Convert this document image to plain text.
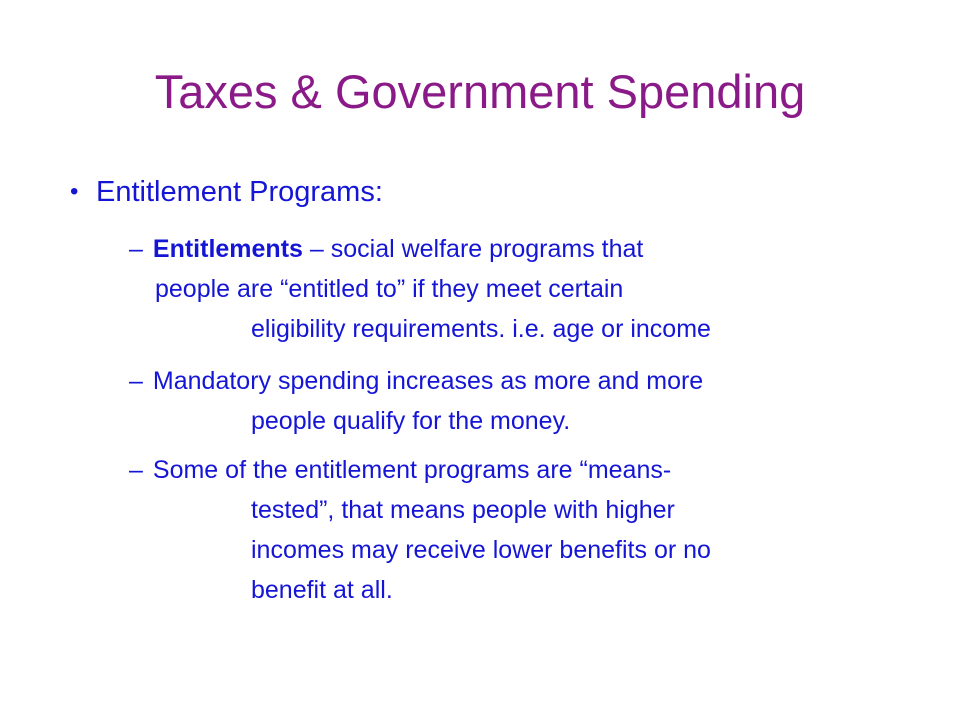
Taxes & Government Spending
• Entitlement Programs:
– Entitlements – social welfare programs that
people are “entitled to” if they meet certain
eligibility requirements. i.e. age or income
– Mandatory spending increases as more and more
people qualify for the money.
– Some of the entitlement programs are “means-
tested”, that means people with higher
incomes may receive lower benefits or no
benefit at all.
